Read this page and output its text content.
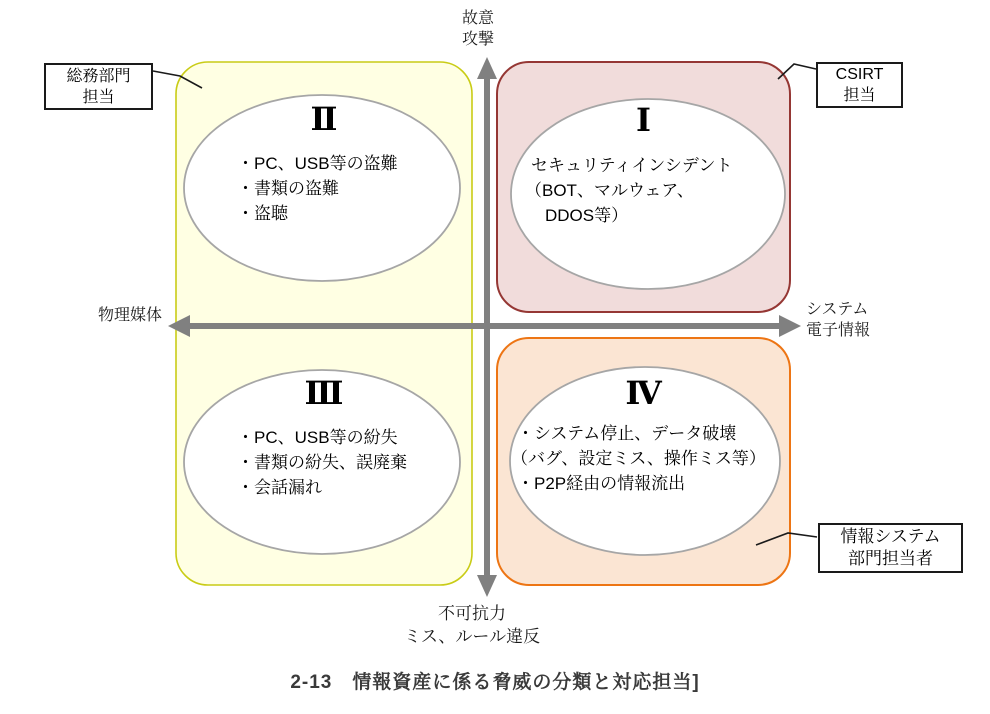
故意
攻撃
物理媒体	システム
電子情報
不可抗力
ミス、ルール違反
Ⅱ
・PC、USB等の盗難
・書類の盗難
・盗聴
Ⅰ
セキュリティインシデント
（BOT、マルウェア、
DDOS等）
Ⅲ
・PC、USB等の紛失
・書類の紛失、誤廃棄
・会話漏れ
Ⅳ
・システム停止、データ破壊
（バグ、設定ミス、操作ミス等）
・P2P経由の情報流出
総務部門
担当
CSIRT
担当
情報システム
部門担当者
2-13　情報資産に係る脅威の分類と対応担当]
